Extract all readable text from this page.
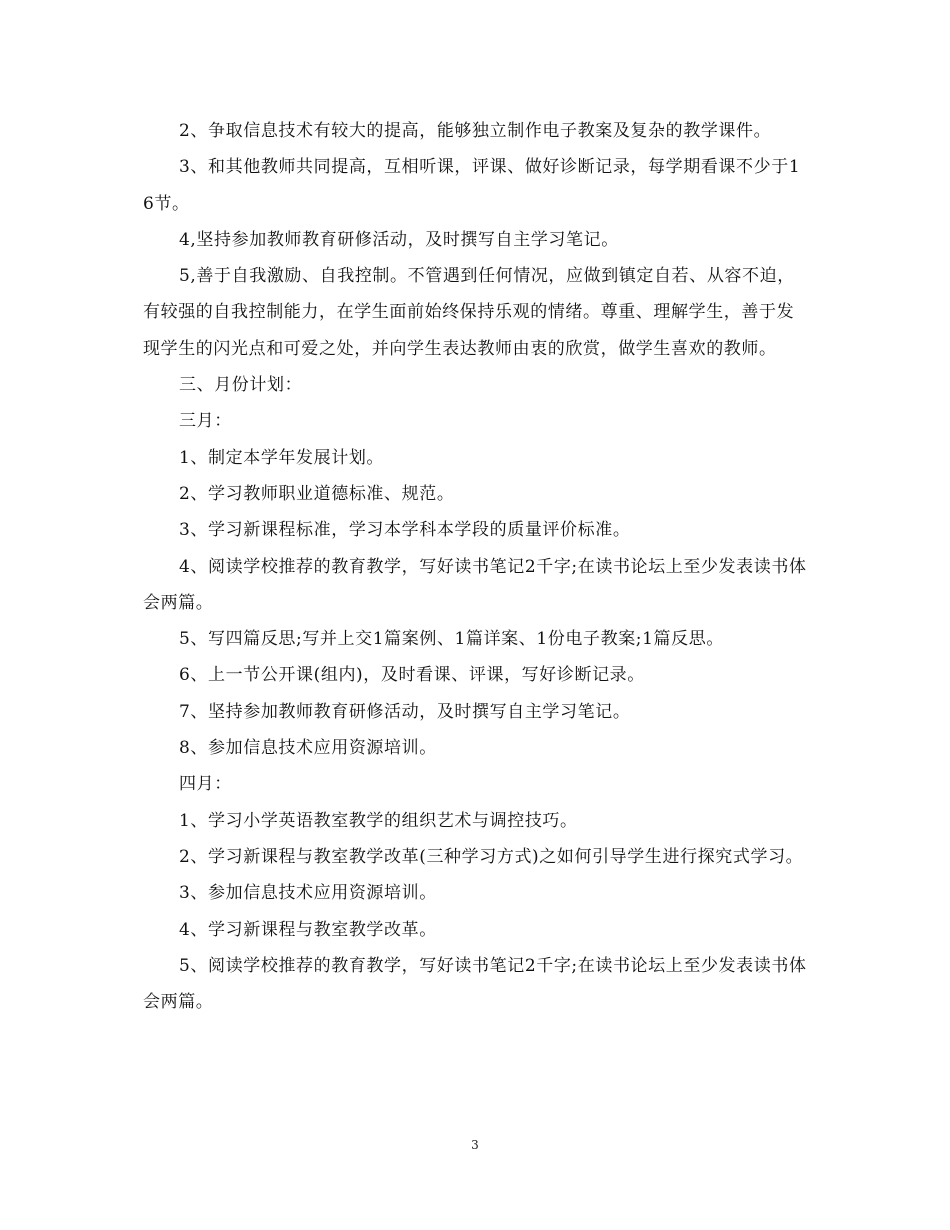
2、争取信息技术有较大的提高，能够独立制作电子教案及复杂的教学课件。

3、和其他教师共同提高，互相听课，评课、做好诊断记录，每学期看课不少于16节。

4,坚持参加教师教育研修活动，及时撰写自主学习笔记。

5,善于自我激励、自我控制。不管遇到任何情况，应做到镇定自若、从容不迫，有较强的自我控制能力，在学生面前始终保持乐观的情绪。尊重、理解学生，善于发现学生的闪光点和可爱之处，并向学生表达教师由衷的欣赏，做学生喜欢的教师。

三、月份计划：

三月：

1、制定本学年发展计划。

2、学习教师职业道德标准、规范。

3、学习新课程标准，学习本学科本学段的质量评价标准。

4、阅读学校推荐的教育教学，写好读书笔记2千字;在读书论坛上至少发表读书体会两篇。

5、写四篇反思;写并上交1篇案例、1篇详案、1份电子教案;1篇反思。

6、上一节公开课(组内)，及时看课、评课，写好诊断记录。

7、坚持参加教师教育研修活动，及时撰写自主学习笔记。

8、参加信息技术应用资源培训。

四月：

1、学习小学英语教室教学的组织艺术与调控技巧。

2、学习新课程与教室教学改革(三种学习方式)之如何引导学生进行探究式学习。

3、参加信息技术应用资源培训。

4、学习新课程与教室教学改革。

5、阅读学校推荐的教育教学，写好读书笔记2千字;在读书论坛上至少发表读书体会两篇。

3
